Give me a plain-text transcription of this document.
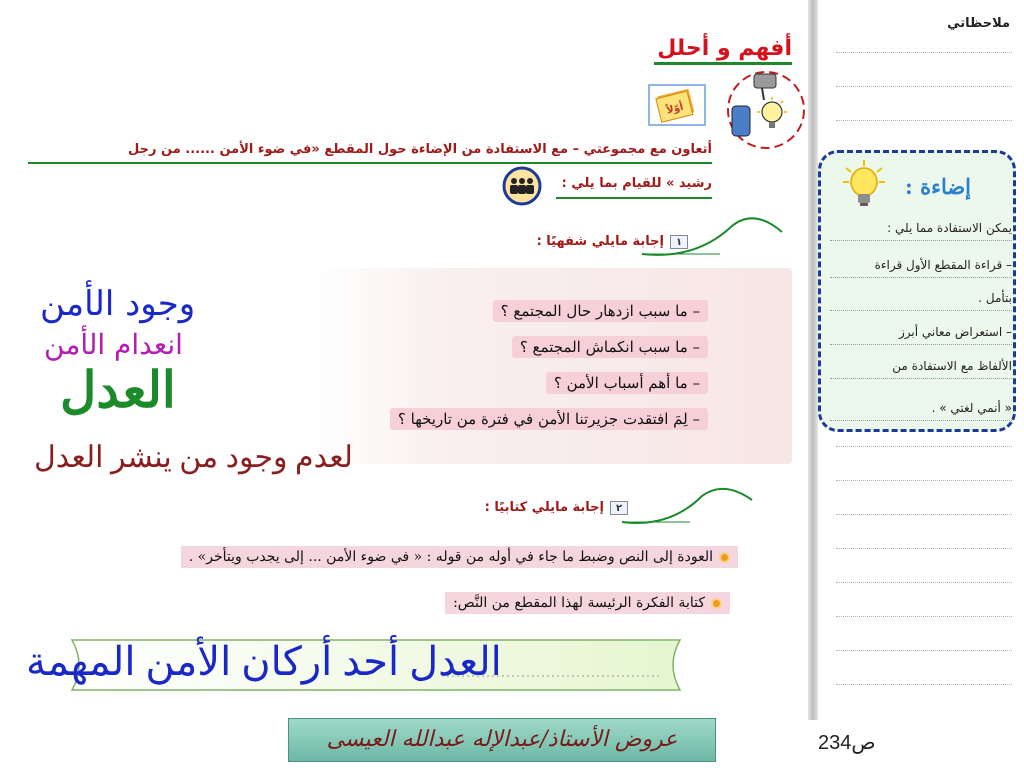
ملاحظاتي
إضاءة :
يمكن الاستفادة مما يلي :
– قراءة المقطع الأول قراءة
بتأمل .
– استعراض معاني أبرز
الألفاظ مع الاستفادة من
« أنمي لغتي » .
ص234
أفهم و أحلل
أوّلاً
أتعاون مع مجموعتي – مع الاستفادة من الإضاءة حول المقطع «في ضوء الأمن ...... من رجل
رشيد » للقيام بما يلي :
١إجابة مايلي شفهيًا :
– ما سبب ازدهار حال المجتمع ؟
– ما سبب انكماش المجتمع ؟
– ما أهم أسباب الأمن ؟
– لِمَ افتقدت جزيرتنا الأمن في فترة من تاريخها ؟
وجود الأمن
انعدام الأمن
العدل
لعدم وجود من ينشر العدل
٢إجابة مايلي كتابيًا :
العودة إلى النص وضبط ما جاء في أوله من قوله : « في ضوء الأمن ... إلى يجدب ويتأخر» .
كتابة الفكرة الرئيسة لهذا المقطع من النَّص:
العدل أحد أركان الأمن المهمة
عروض الأستاذ/عبدالإله عبدالله العيسى
